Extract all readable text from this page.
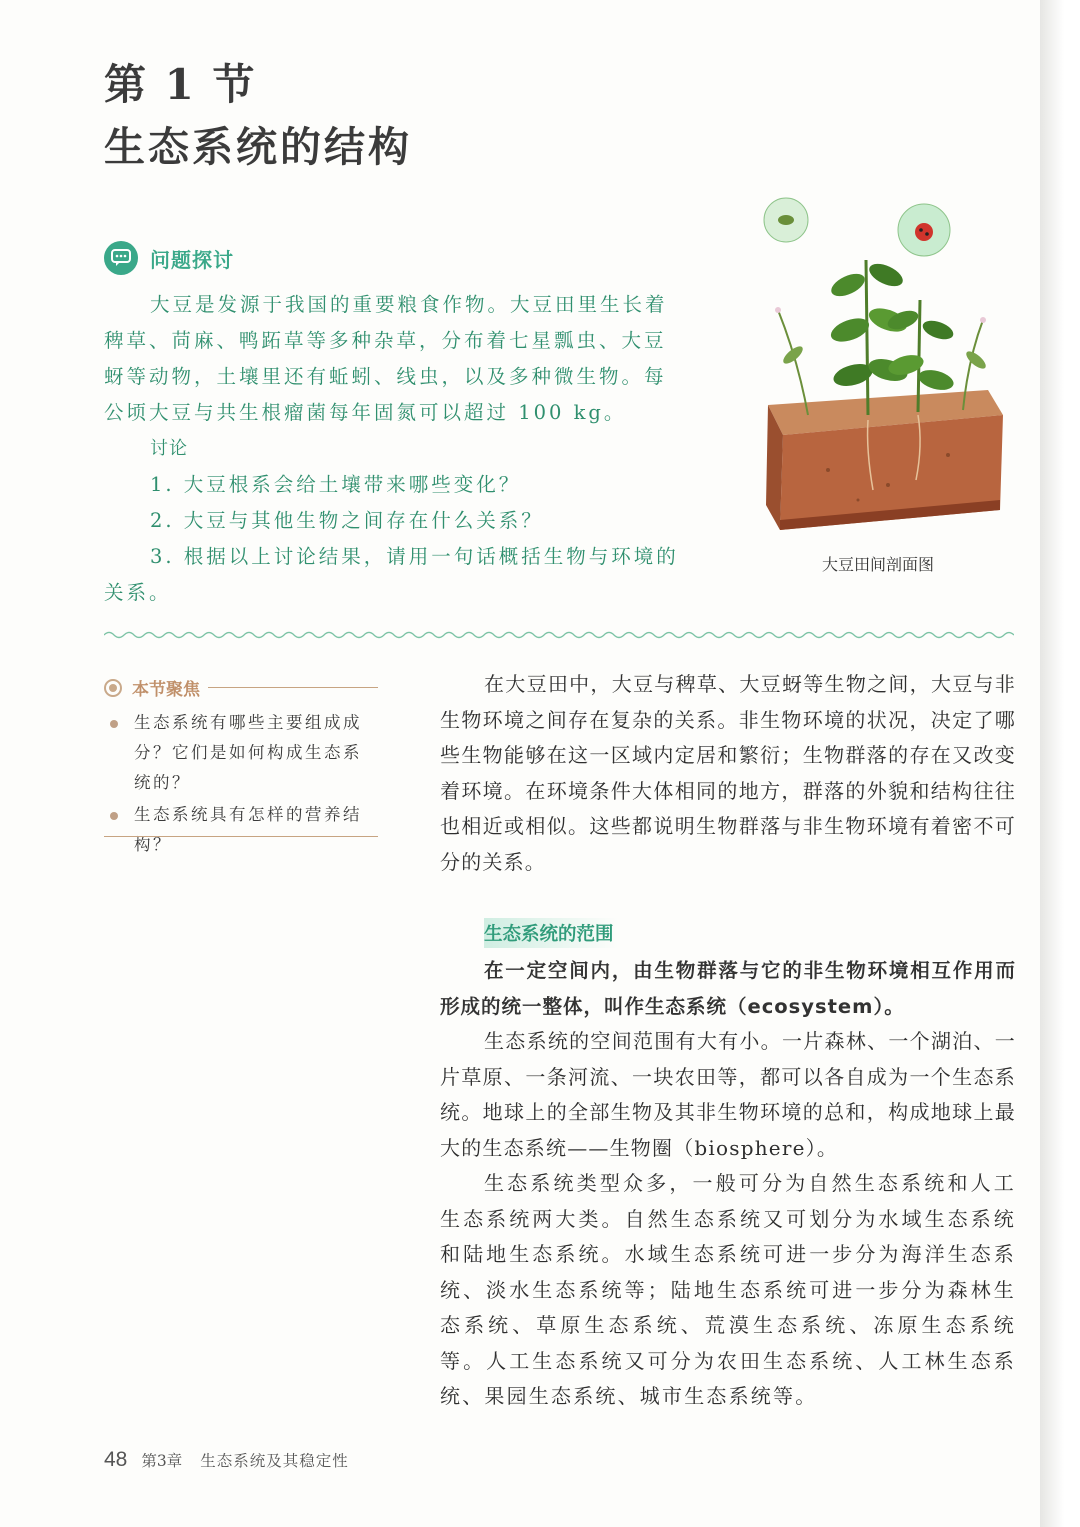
第 1 节
生态系统的结构
问题探讨

大豆是发源于我国的重要粮食作物。大豆田里生长着稗草、苘麻、鸭跖草等多种杂草，分布着七星瓢虫、大豆蚜等动物，土壤里还有蚯蚓、线虫，以及多种微生物。每公顷大豆与共生根瘤菌每年固氮可以超过 100 kg。

讨论

1. 大豆根系会给土壤带来哪些变化？

2. 大豆与其他生物之间存在什么关系？

3. 根据以上讨论结果，请用一句话概括生物与环境的关系。

大豆田间剖面图
本节聚焦
生态系统有哪些主要组成成分？它们是如何构成生态系统的？
生态系统具有怎样的营养结构？

在大豆田中，大豆与稗草、大豆蚜等生物之间，大豆与非生物环境之间存在复杂的关系。非生物环境的状况，决定了哪些生物能够在这一区域内定居和繁衍；生物群落的存在又改变着环境。在环境条件大体相同的地方，群落的外貌和结构往往也相近或相似。这些都说明生物群落与非生物环境有着密不可分的关系。

生态系统的范围

在一定空间内，由生物群落与它的非生物环境相互作用而形成的统一整体，叫作生态系统（ecosystem）。

生态系统的空间范围有大有小。一片森林、一个湖泊、一片草原、一条河流、一块农田等，都可以各自成为一个生态系统。地球上的全部生物及其非生物环境的总和，构成地球上最大的生态系统——生物圈（biosphere）。

生态系统类型众多，一般可分为自然生态系统和人工生态系统两大类。自然生态系统又可划分为水域生态系统和陆地生态系统。水域生态系统可进一步分为海洋生态系统、淡水生态系统等；陆地生态系统可进一步分为森林生态系统、草原生态系统、荒漠生态系统、冻原生态系统等。人工生态系统又可分为农田生态系统、人工林生态系统、果园生态系统、城市生态系统等。

48 第3章 生态系统及其稳定性
